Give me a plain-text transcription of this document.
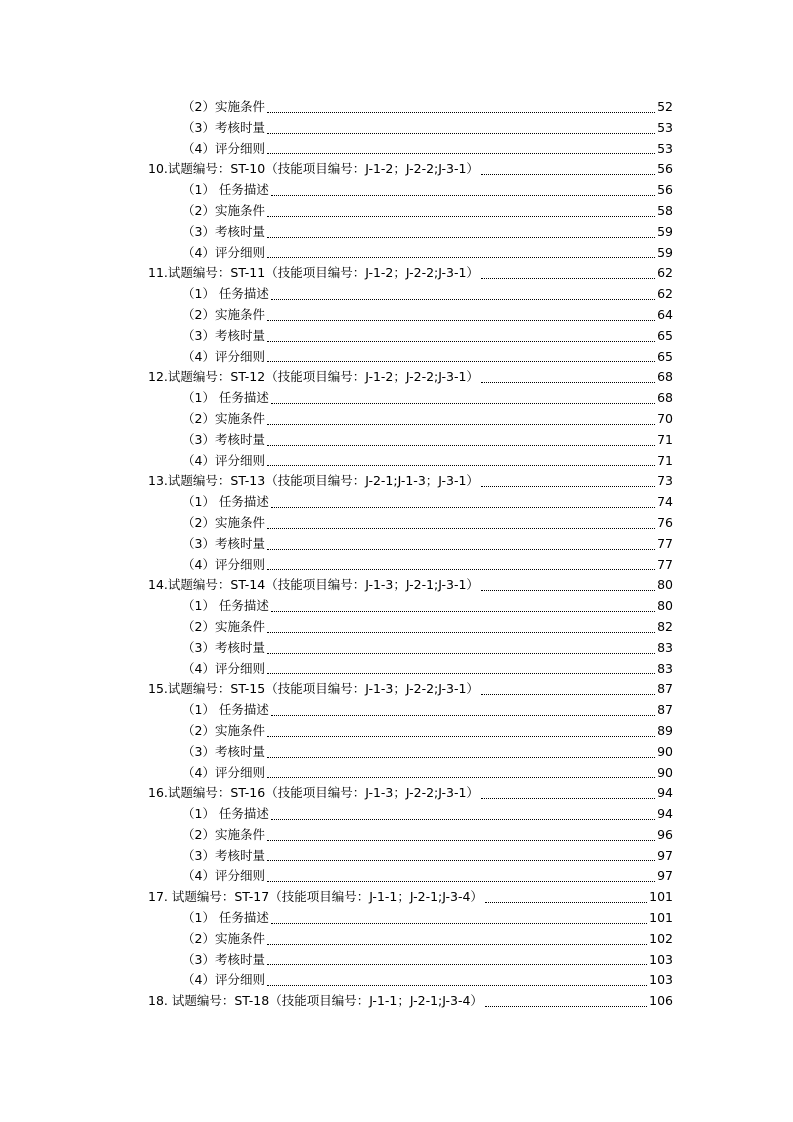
（2）实施条件	52
（3）考核时量	53
（4）评分细则	53
10.试题编号：ST-10（技能项目编号：J-1-2；J-2-2;J-3-1）	56
（1） 任务描述	56
（2）实施条件	58
（3）考核时量	59
（4）评分细则	59
11.试题编号：ST-11（技能项目编号：J-1-2；J-2-2;J-3-1）	62
（1） 任务描述	62
（2）实施条件	64
（3）考核时量	65
（4）评分细则	65
12.试题编号：ST-12（技能项目编号：J-1-2；J-2-2;J-3-1）	68
（1） 任务描述	68
（2）实施条件	70
（3）考核时量	71
（4）评分细则	71
13.试题编号：ST-13（技能项目编号：J-2-1;J-1-3；J-3-1）	73
（1） 任务描述	74
（2）实施条件	76
（3）考核时量	77
（4）评分细则	77
14.试题编号：ST-14（技能项目编号：J-1-3；J-2-1;J-3-1）	80
（1） 任务描述	80
（2）实施条件	82
（3）考核时量	83
（4）评分细则	83
15.试题编号：ST-15（技能项目编号：J-1-3；J-2-2;J-3-1）	87
（1） 任务描述	87
（2）实施条件	89
（3）考核时量	90
（4）评分细则	90
16.试题编号：ST-16（技能项目编号：J-1-3；J-2-2;J-3-1）	94
（1） 任务描述	94
（2）实施条件	96
（3）考核时量	97
（4）评分细则	97
17. 试题编号：ST-17（技能项目编号：J-1-1；J-2-1;J-3-4）	101
（1） 任务描述	101
（2）实施条件	102
（3）考核时量	103
（4）评分细则	103
18. 试题编号：ST-18（技能项目编号：J-1-1；J-2-1;J-3-4）	106
